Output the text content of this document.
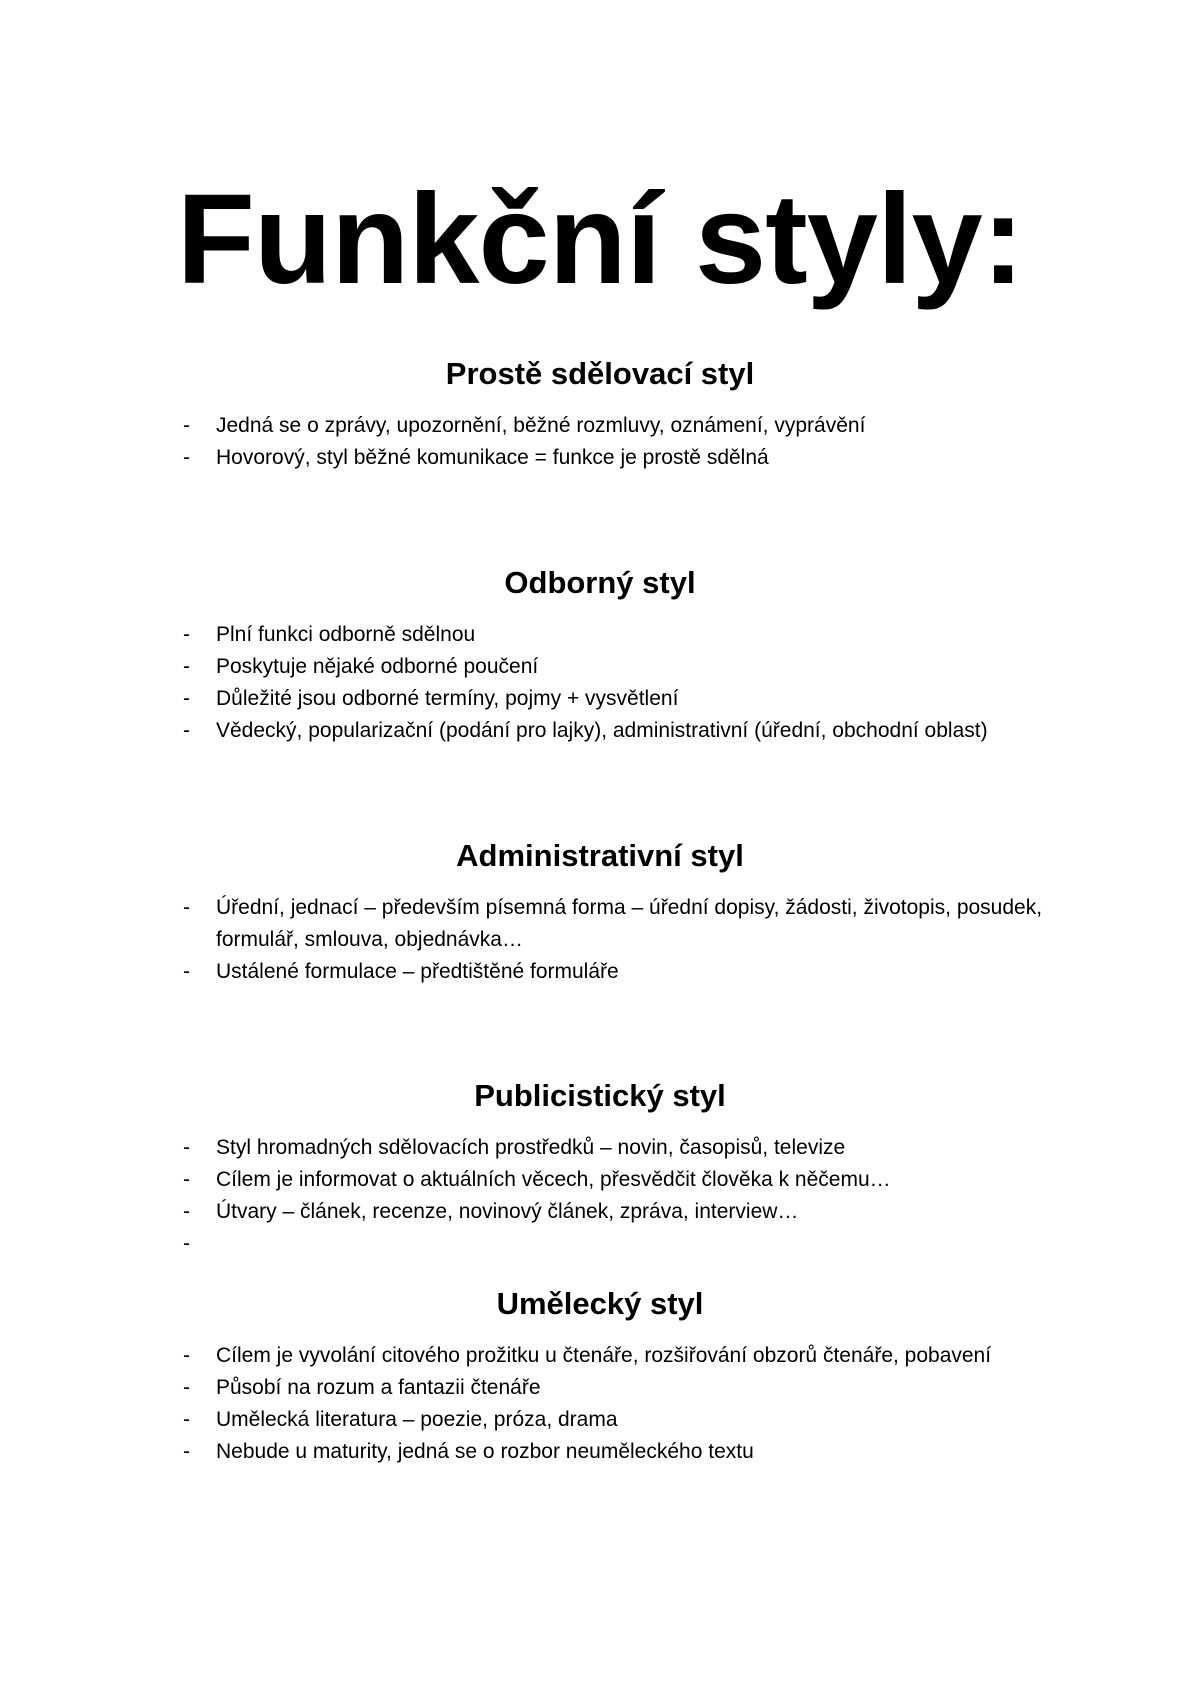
Funkční styly:
Prostě sdělovací styl
- Jedná se o zprávy, upozornění, běžné rozmluvy, oznámení, vyprávění
- Hovorový, styl běžné komunikace = funkce je prostě sdělná
Odborný styl
- Plní funkci odborně sdělnou
- Poskytuje nějaké odborné poučení
- Důležité jsou odborné termíny, pojmy + vysvětlení
- Vědecký, popularizační (podání pro lajky), administrativní (úřední, obchodní oblast)
Administrativní styl
- Úřední, jednací – především písemná forma – úřední dopisy, žádosti, životopis, posudek, formulář, smlouva, objednávka…
- Ustálené formulace – předtištěné formuláře
Publicistický styl
- Styl hromadných sdělovacích prostředků – novin, časopisů, televize
- Cílem je informovat o aktuálních věcech, přesvědčit člověka k něčemu…
- Útvary – článek, recenze, novinový článek, zpráva, interview…
-
Umělecký styl
- Cílem je vyvolání citového prožitku u čtenáře, rozšiřování obzorů čtenáře, pobavení
- Působí na rozum a fantazii čtenáře
- Umělecká literatura – poezie, próza, drama
- Nebude u maturity, jedná se o rozbor neuměleckého textu
